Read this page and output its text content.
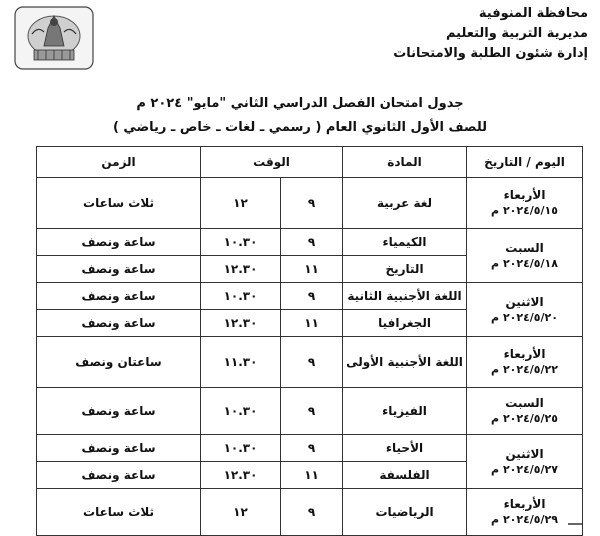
محافظة المنوفية
مديرية التربية والتعليم
إدارة شئون الطلبة والامتحانات
جدول امتحان الفصل الدراسي الثاني "مايو" ٢٠٢٤ م
للصف الأول الثانوي العام ( رسمي ـ لغات ـ خاص ـ رياضي )
اليوم / التاريخ	المادة	الوقت		الزمن

الأربعاء
٢٠٢٤/٥/١٥ م	لغة عربية	٩	١٢	ثلاث ساعات

السبت
٢٠٢٤/٥/١٨ م	الكيمياء	٩	١٠.٣٠	ساعة ونصف
	التاريخ	١١	١٢.٣٠	ساعة ونصف

الاثنين
٢٠٢٤/٥/٢٠ م	اللغة الأجنبية الثانية	٩	١٠.٣٠	ساعة ونصف
	الجغرافيا	١١	١٢.٣٠	ساعة ونصف

الأربعاء
٢٠٢٤/٥/٢٢ م	اللغة الأجنبية الأولى	٩	١١.٣٠	ساعتان ونصف

السبت
٢٠٢٤/٥/٢٥ م	الفيزياء	٩	١٠.٣٠	ساعة ونصف

الاثنين
٢٠٢٤/٥/٢٧ م	الأحياء	٩	١٠.٣٠	ساعة ونصف
	الفلسفة	١١	١٢.٣٠	ساعة ونصف

الأربعاء
٢٠٢٤/٥/٢٩ م	الرياضيات	٩	١٢	ثلاث ساعات
